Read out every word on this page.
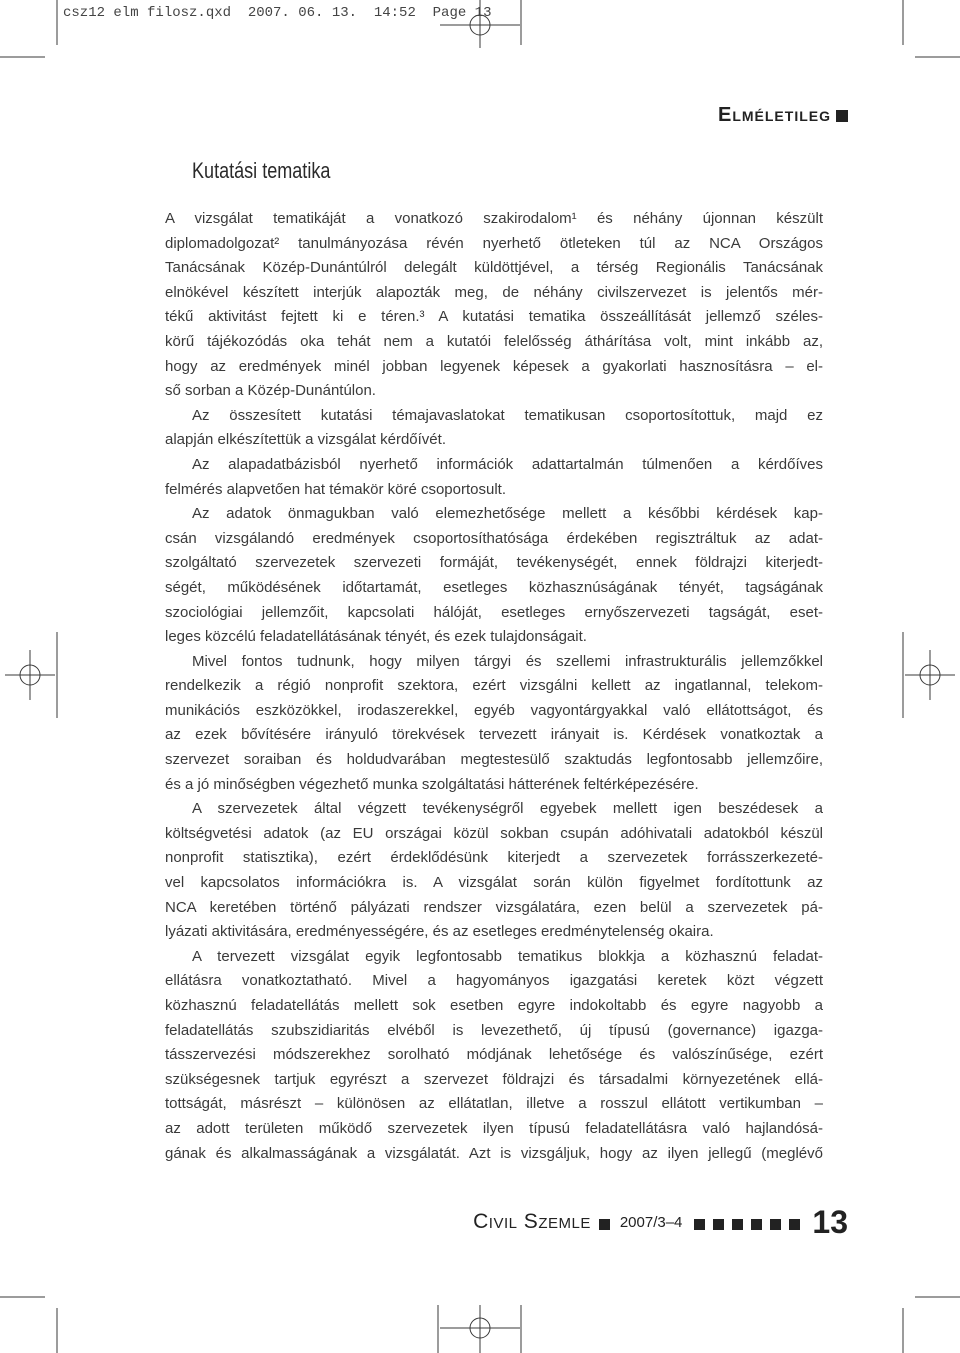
csz12 elm filosz.qxd  2007. 06. 13.  14:52  Page 13
Elméletileg
Kutatási tematika
A vizsgálat tematikáját a vonatkozó szakirodalom¹ és néhány újonnan készült
diplomadolgozat² tanulmányozása révén nyerhető ötleteken túl az NCA Országos
Tanácsának Közép-Dunántúlról delegált küldöttjével, a térség Regionális Tanácsának
elnökével készített interjúk alapozták meg, de néhány civilszervezet is jelentős mér-
tékű aktivitást fejtett ki e téren.³ A kutatási tematika összeállítását jellemző széles-
körű tájékozódás oka tehát nem a kutatói felelősség áthárítása volt, mint inkább az,
hogy az eredmények minél jobban legyenek képesek a gyakorlati hasznosításra – el-
ső sorban a Közép-Dunántúlon.
Az összesített kutatási témajavaslatokat tematikusan csoportosítottuk, majd ez
alapján elkészítettük a vizsgálat kérdőívét.
Az alapadatbázisból nyerhető információk adattartalmán túlmenően a kérdőíves
felmérés alapvetően hat témakör köré csoportosult.
Az adatok önmagukban való elemezhetősége mellett a későbbi kérdések kap-
csán vizsgálandó eredmények csoportosíthatósága érdekében regisztráltuk az adat-
szolgáltató szervezetek szervezeti formáját, tevékenységét, ennek földrajzi kiterjedt-
ségét, működésének időtartamát, esetleges közhasznúságának tényét, tagságának
szociológiai jellemzőit, kapcsolati hálóját, esetleges ernyőszervezeti tagságát, eset-
leges közcélú feladatellátásának tényét, és ezek tulajdonságait.
Mivel fontos tudnunk, hogy milyen tárgyi és szellemi infrastrukturális jellemzőkkel
rendelkezik a régió nonprofit szektora, ezért vizsgálni kellett az ingatlannal, telekom-
munikációs eszközökkel, irodaszerekkel, egyéb vagyontárgyakkal való ellátottságot, és
az ezek bővítésére irányuló törekvések tervezett irányait is. Kérdések vonatkoztak a
szervezet soraiban és holdudvarában megtestesülő szaktudás legfontosabb jellemzőire,
és a jó minőségben végezhető munka szolgáltatási hátterének feltérképezésére.
A szervezetek által végzett tevékenységről egyebek mellett igen beszédesek a
költségvetési adatok (az EU országai közül sokban csupán adóhivatali adatokból készül
nonprofit statisztika), ezért érdeklődésünk kiterjedt a szervezetek forrásszerkezeté-
vel kapcsolatos információkra is. A vizsgálat során külön figyelmet fordítottunk az
NCA keretében történő pályázati rendszer vizsgálatára, ezen belül a szervezetek pá-
lyázati aktivitására, eredményességére, és az esetleges eredménytelenség okaira.
A tervezett vizsgálat egyik legfontosabb tematikus blokkja a közhasznú feladat-
ellátásra vonatkoztatható. Mivel a hagyományos igazgatási keretek közt végzett
közhasznú feladatellátás mellett sok esetben egyre indokoltabb és egyre nagyobb a
feladatellátás szubszidiaritás elvéből is levezethető, új típusú (governance) igazga-
tásszervezési módszerekhez sorolható módjának lehetősége és valószínűsége, ezért
szükségesnek tartjuk egyrészt a szervezet földrajzi és társadalmi környezetének ellá-
tottságát, másrészt – különösen az ellátatlan, illetve a rosszul ellátott vertikumban –
az adott területen működő szervezetek ilyen típusú feladatellátásra való hajlandósá-
gának és alkalmasságának a vizsgálatát. Azt is vizsgáljuk, hogy az ilyen jellegű (meglévő
Civil Szemle 2007/3–4	13
